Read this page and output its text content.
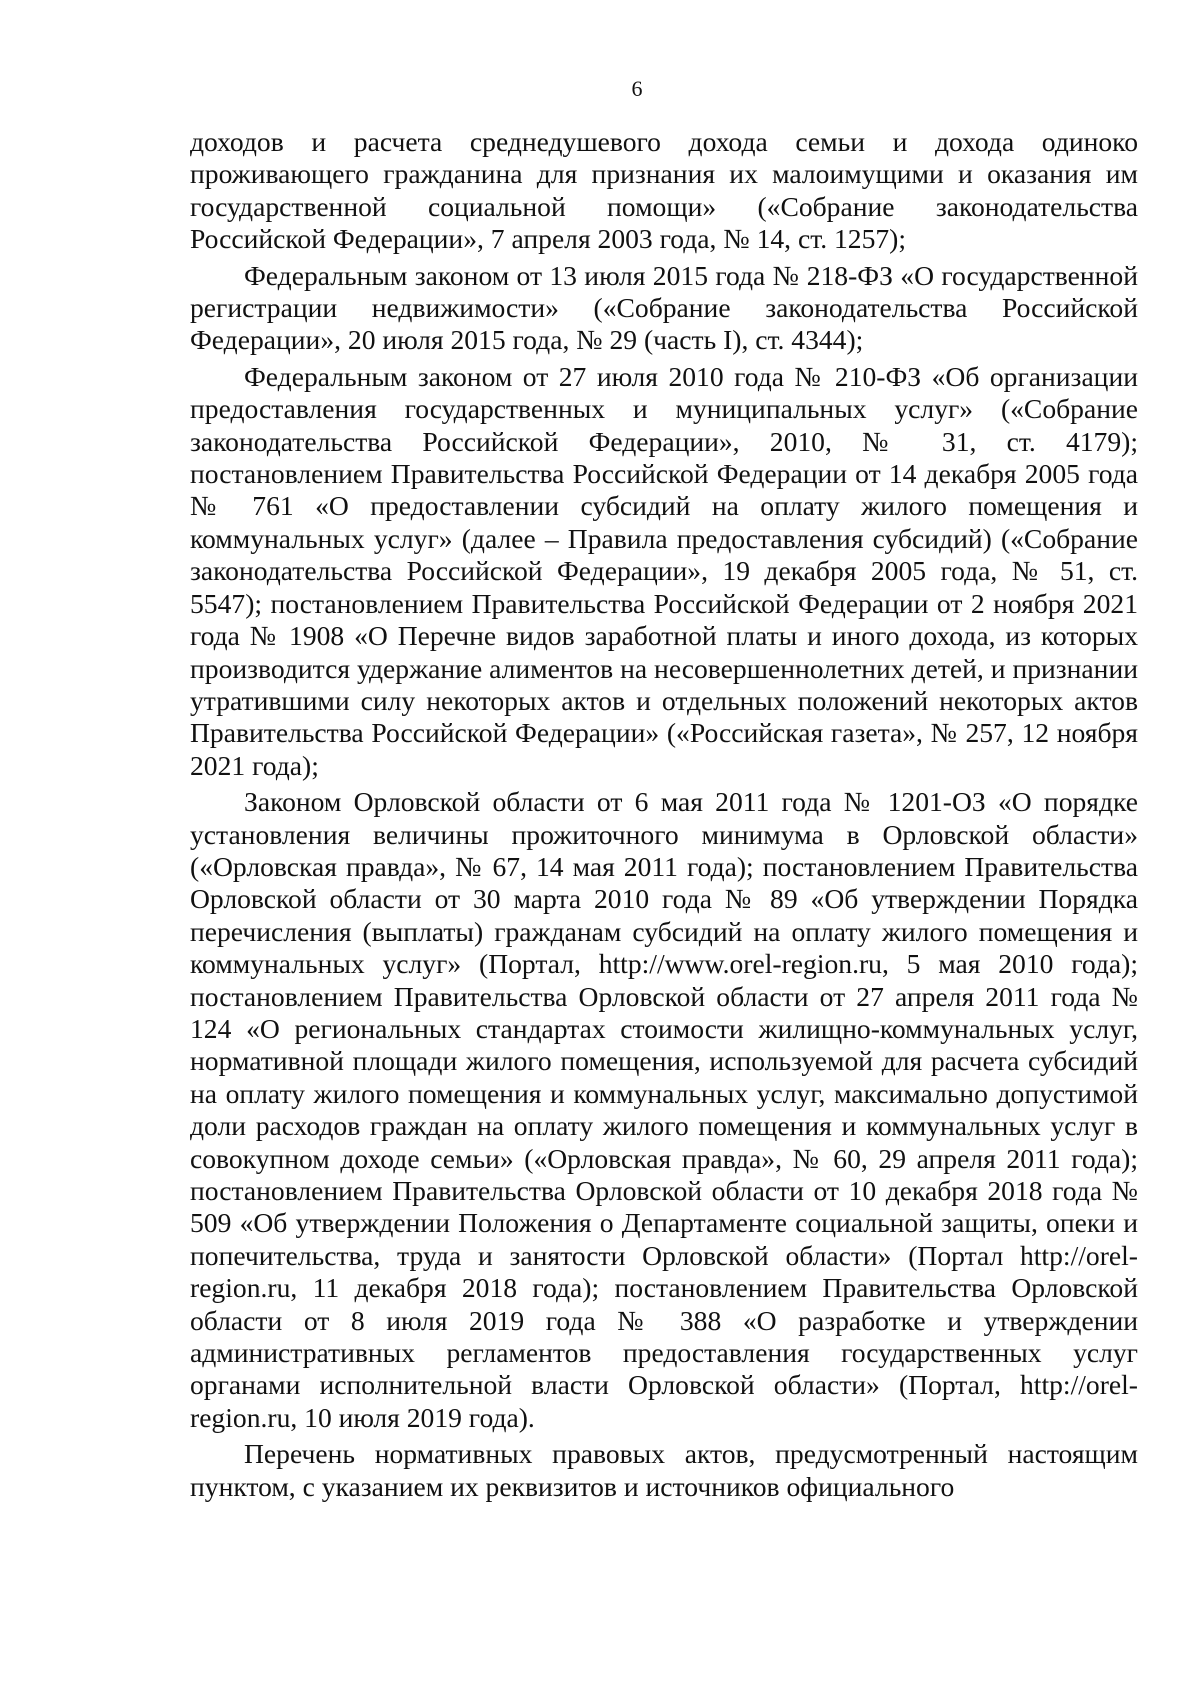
6

доходов и расчета среднедушевого дохода семьи и дохода одиноко проживающего гражданина для признания их малоимущими и оказания им государственной социальной помощи» («Собрание законодательства Российской Федерации», 7 апреля 2003 года, № 14, ст. 1257);

Федеральным законом от 13 июля 2015 года № 218-ФЗ «О государственной регистрации недвижимости» («Собрание законодательства Российской Федерации», 20 июля 2015 года, № 29 (часть I), ст. 4344);

Федеральным законом от 27 июля 2010 года № 210-ФЗ «Об организации предоставления государственных и муниципальных услуг» («Собрание законодательства Российской Федерации», 2010, № 31, ст. 4179); постановлением Правительства Российской Федерации от 14 декабря 2005 года № 761 «О предоставлении субсидий на оплату жилого помещения и коммунальных услуг» (далее – Правила предоставления субсидий) («Собрание законодательства Российской Федерации», 19 декабря 2005 года, № 51, ст. 5547); постановлением Правительства Российской Федерации от 2 ноября 2021 года № 1908 «О Перечне видов заработной платы и иного дохода, из которых производится удержание алиментов на несовершеннолетних детей, и признании утратившими силу некоторых актов и отдельных положений некоторых актов Правительства Российской Федерации» («Российская газета», № 257, 12 ноября 2021 года);

Законом Орловской области от 6 мая 2011 года № 1201-ОЗ «О порядке установления величины прожиточного минимума в Орловской области» («Орловская правда», № 67, 14 мая 2011 года); постановлением Правительства Орловской области от 30 марта 2010 года № 89 «Об утверждении Порядка перечисления (выплаты) гражданам субсидий на оплату жилого помещения и коммунальных услуг» (Портал, http://www.orel-region.ru, 5 мая 2010 года); постановлением Правительства Орловской области от 27 апреля 2011 года № 124 «О региональных стандартах стоимости жилищно-коммунальных услуг, нормативной площади жилого помещения, используемой для расчета субсидий на оплату жилого помещения и коммунальных услуг, максимально допустимой доли расходов граждан на оплату жилого помещения и коммунальных услуг в совокупном доходе семьи» («Орловская правда», № 60, 29 апреля 2011 года); постановлением Правительства Орловской области от 10 декабря 2018 года № 509 «Об утверждении Положения о Департаменте социальной защиты, опеки и попечительства, труда и занятости Орловской области» (Портал http://orel-region.ru, 11 декабря 2018 года); постановлением Правительства Орловской области от 8 июля 2019 года № 388 «О разработке и утверждении административных регламентов предоставления государственных услуг органами исполнительной власти Орловской области» (Портал, http://orel-region.ru, 10 июля 2019 года).

Перечень нормативных правовых актов, предусмотренный настоящим пунктом, с указанием их реквизитов и источников официального
